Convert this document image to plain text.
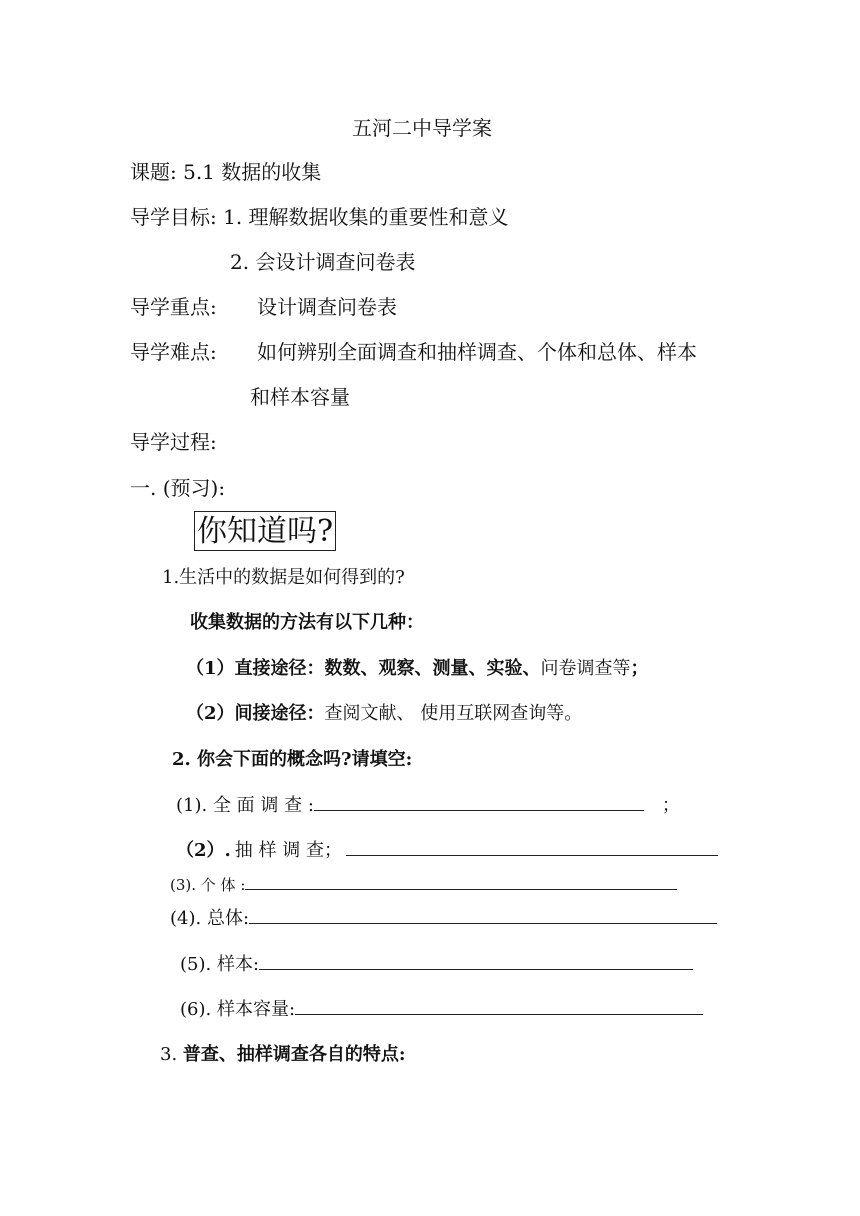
五河二中导学案
课题: 5.1 数据的收集
导学目标: 1. 理解数据收集的重要性和意义
2. 会设计调查问卷表
导学重点: 设计调查问卷表
导学难点: 如何辨别全面调查和抽样调查、个体和总体、样本
和样本容量
导学过程:
一. (预习):
你知道吗?
1.生活中的数据是如何得到的?
收集数据的方法有以下几种：
（1）直接途径：数数、观察、测量、实验、问卷调查等；
（2）间接途径：查阅文献、 使用互联网查询等。
2. 你会下面的概念吗?请填空:
(1). 全 面 调 查 :	；
（2）. 抽 样 调 查；
(3). 个 体 :
(4). 总体:
(5). 样本:
(6). 样本容量:
3. 普查、抽样调查各自的特点:
